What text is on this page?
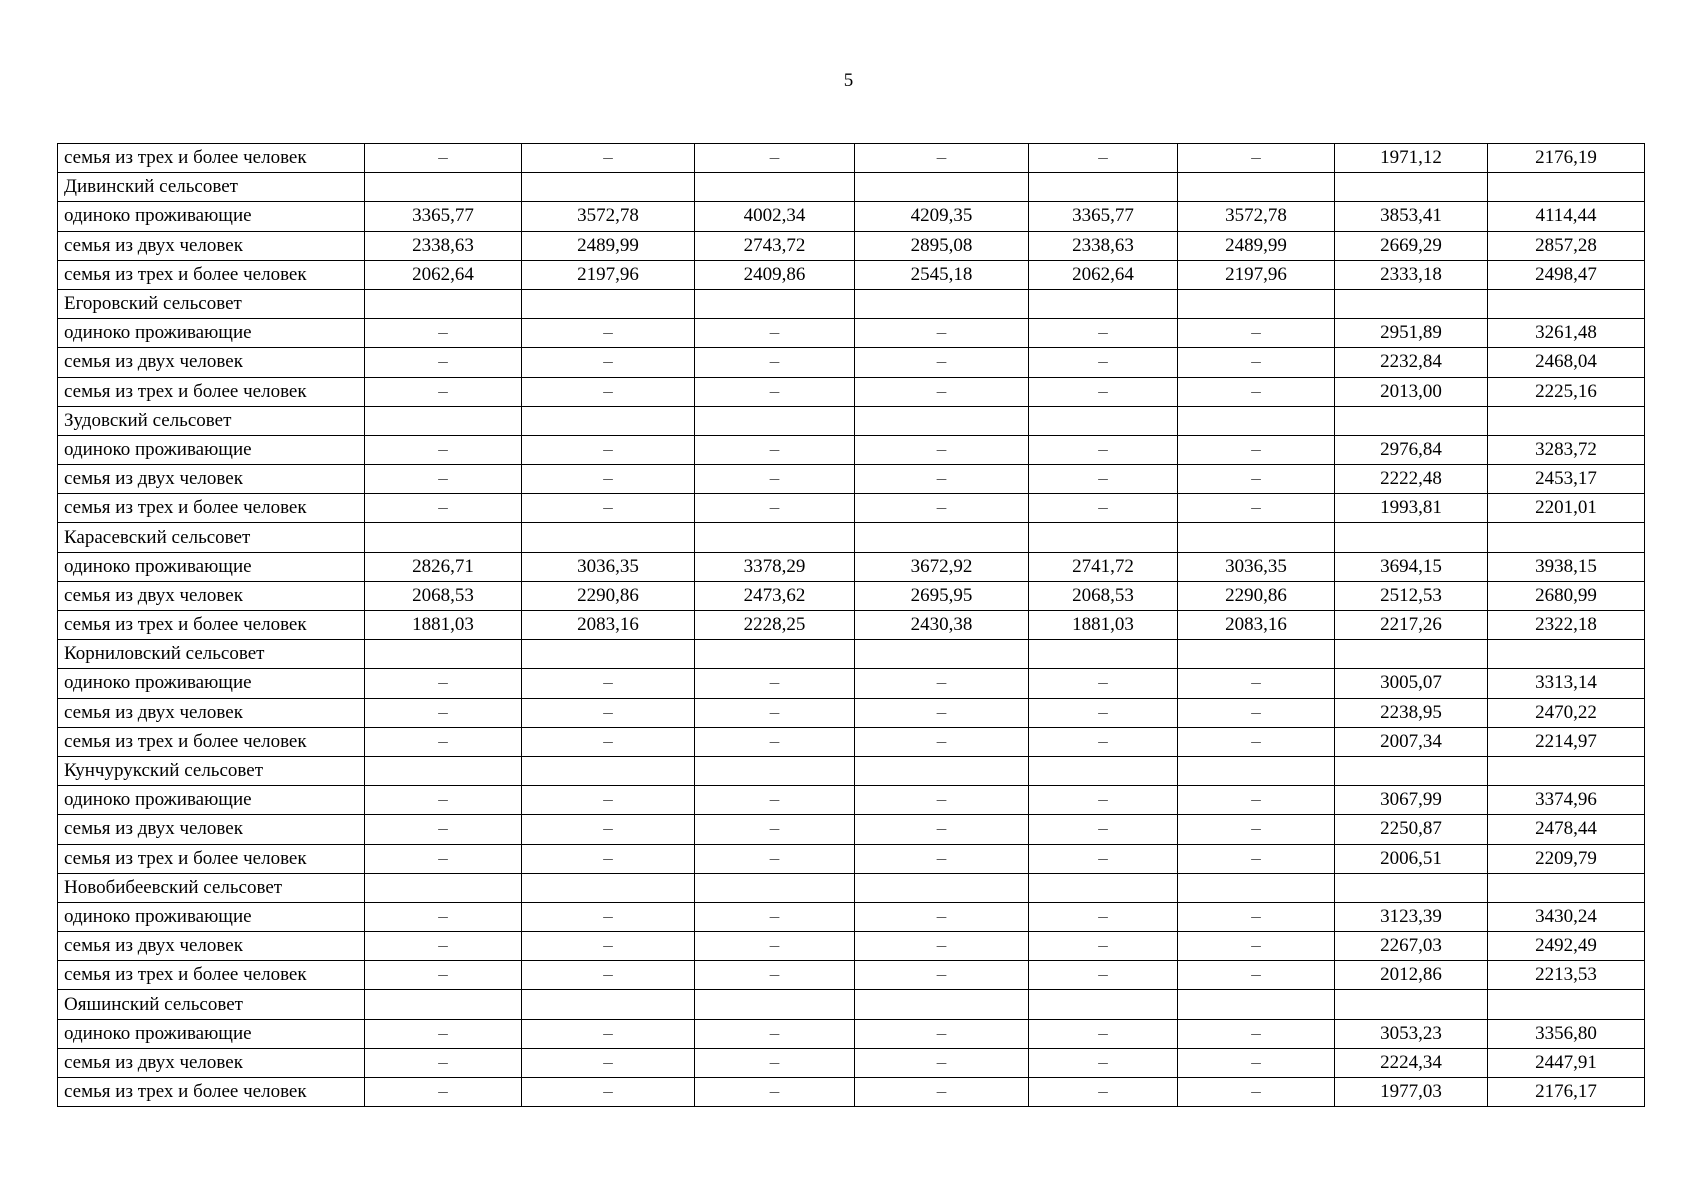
5
семья из трех и более человек	–	–	–	–	–	–	1971,12	2176,19
Дивинский сельсовет								
одиноко проживающие	3365,77	3572,78	4002,34	4209,35	3365,77	3572,78	3853,41	4114,44
семья из двух человек	2338,63	2489,99	2743,72	2895,08	2338,63	2489,99	2669,29	2857,28
семья из трех и более человек	2062,64	2197,96	2409,86	2545,18	2062,64	2197,96	2333,18	2498,47
Егоровский сельсовет								
одиноко проживающие	–	–	–	–	–	–	2951,89	3261,48
семья из двух человек	–	–	–	–	–	–	2232,84	2468,04
семья из трех и более человек	–	–	–	–	–	–	2013,00	2225,16
Зудовский сельсовет								
одиноко проживающие	–	–	–	–	–	–	2976,84	3283,72
семья из двух человек	–	–	–	–	–	–	2222,48	2453,17
семья из трех и более человек	–	–	–	–	–	–	1993,81	2201,01
Карасевский сельсовет								
одиноко проживающие	2826,71	3036,35	3378,29	3672,92	2741,72	3036,35	3694,15	3938,15
семья из двух человек	2068,53	2290,86	2473,62	2695,95	2068,53	2290,86	2512,53	2680,99
семья из трех и более человек	1881,03	2083,16	2228,25	2430,38	1881,03	2083,16	2217,26	2322,18
Корниловский сельсовет								
одиноко проживающие	–	–	–	–	–	–	3005,07	3313,14
семья из двух человек	–	–	–	–	–	–	2238,95	2470,22
семья из трех и более человек	–	–	–	–	–	–	2007,34	2214,97
Кунчурукский сельсовет								
одиноко проживающие	–	–	–	–	–	–	3067,99	3374,96
семья из двух человек	–	–	–	–	–	–	2250,87	2478,44
семья из трех и более человек	–	–	–	–	–	–	2006,51	2209,79
Новобибеевский сельсовет								
одиноко проживающие	–	–	–	–	–	–	3123,39	3430,24
семья из двух человек	–	–	–	–	–	–	2267,03	2492,49
семья из трех и более человек	–	–	–	–	–	–	2012,86	2213,53
Ояшинский сельсовет								
одиноко проживающие	–	–	–	–	–	–	3053,23	3356,80
семья из двух человек	–	–	–	–	–	–	2224,34	2447,91
семья из трех и более человек	–	–	–	–	–	–	1977,03	2176,17
